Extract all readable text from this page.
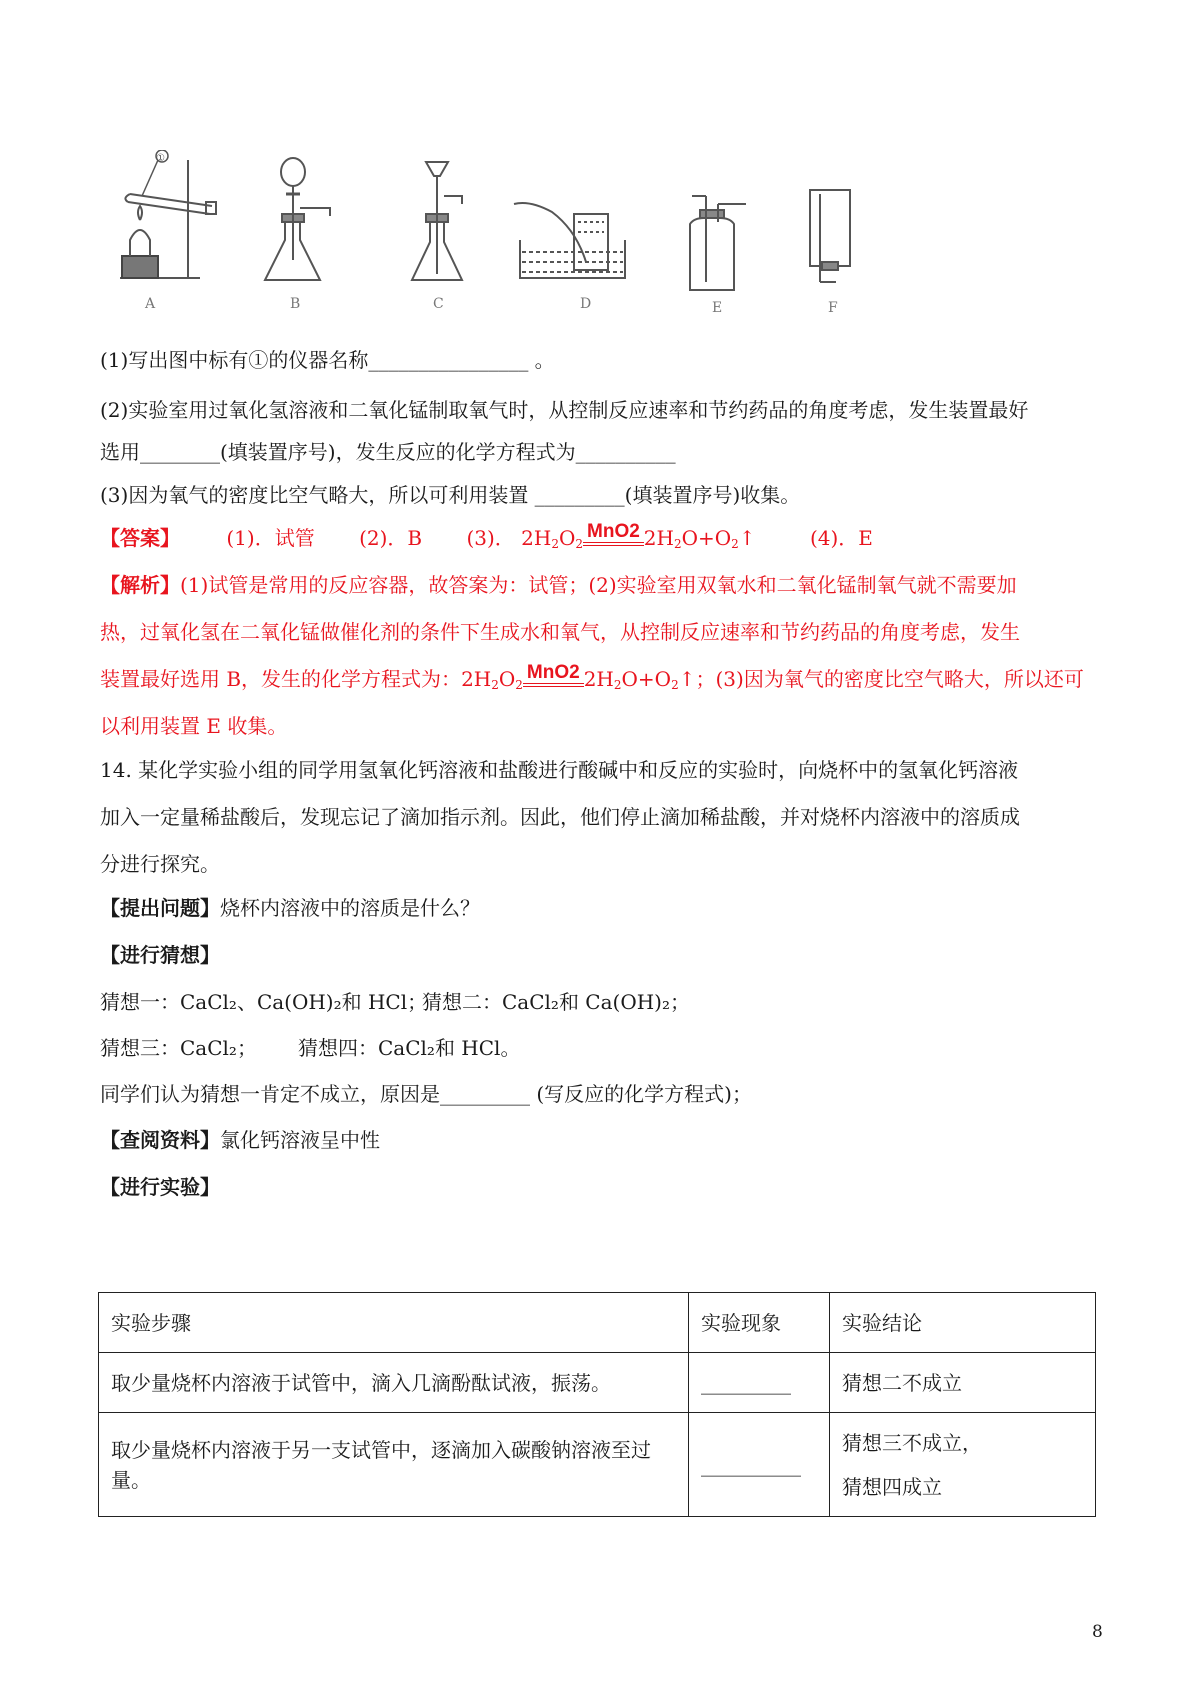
①
A	B	C	D	E	F
(1)写出图中标有①的仪器名称________________ 。
(2)实验室用过氧化氢溶液和二氧化锰制取氧气时，从控制反应速率和节约药品的角度考虑，发生装置最好
选用________(填装置序号)，发生反应的化学方程式为__________
(3)因为氧气的密度比空气略大，所以可利用装置 _________(填装置序号)收集。
【答案】 (1)．试管 (2)．B (3)． $2H_2O_2MnO2$ $2H_2O+O_2↑$	(4)．E
【解析】(1)试管是常用的反应容器，故答案为：试管；(2)实验室用双氧水和二氧化锰制氧气就不需要加
热，过氧化氢在二氧化锰做催化剂的条件下生成水和氧气，从控制反应速率和节约药品的角度考虑，发生
装置最好选用 B，发生的化学方程式为：$2H_2O_2MnO2$ $2H_2O+O_2↑$；(3)因为氧气的密度比空气略大，所以还可
以利用装置 E 收集。
14. 某化学实验小组的同学用氢氧化钙溶液和盐酸进行酸碱中和反应的实验时，向烧杯中的氢氧化钙溶液
加入一定量稀盐酸后，发现忘记了滴加指示剂。因此，他们停止滴加稀盐酸，并对烧杯内溶液中的溶质成
分进行探究。
【提出问题】烧杯内溶液中的溶质是什么？
【进行猜想】
猜想一：CaCl₂、Ca(OH)₂和 HCl；
猜想二：CaCl₂和 Ca(OH)₂；
猜想三：CaCl₂； 猜想四：CaCl₂和 HCl。
同学们认为猜想一肯定不成立，原因是_________ (写反应的化学方程式)；
【查阅资料】氯化钙溶液呈中性
【进行实验】
实验步骤	实验现象	实验结论
取少量烧杯内溶液于试管中，滴入几滴酚酞试液，振荡。	_________	猜想二不成立
取少量烧杯内溶液于另一支试管中，逐滴加入碳酸钠溶液至过量。	__________	猜想三不成立，
猜想四成立
8
